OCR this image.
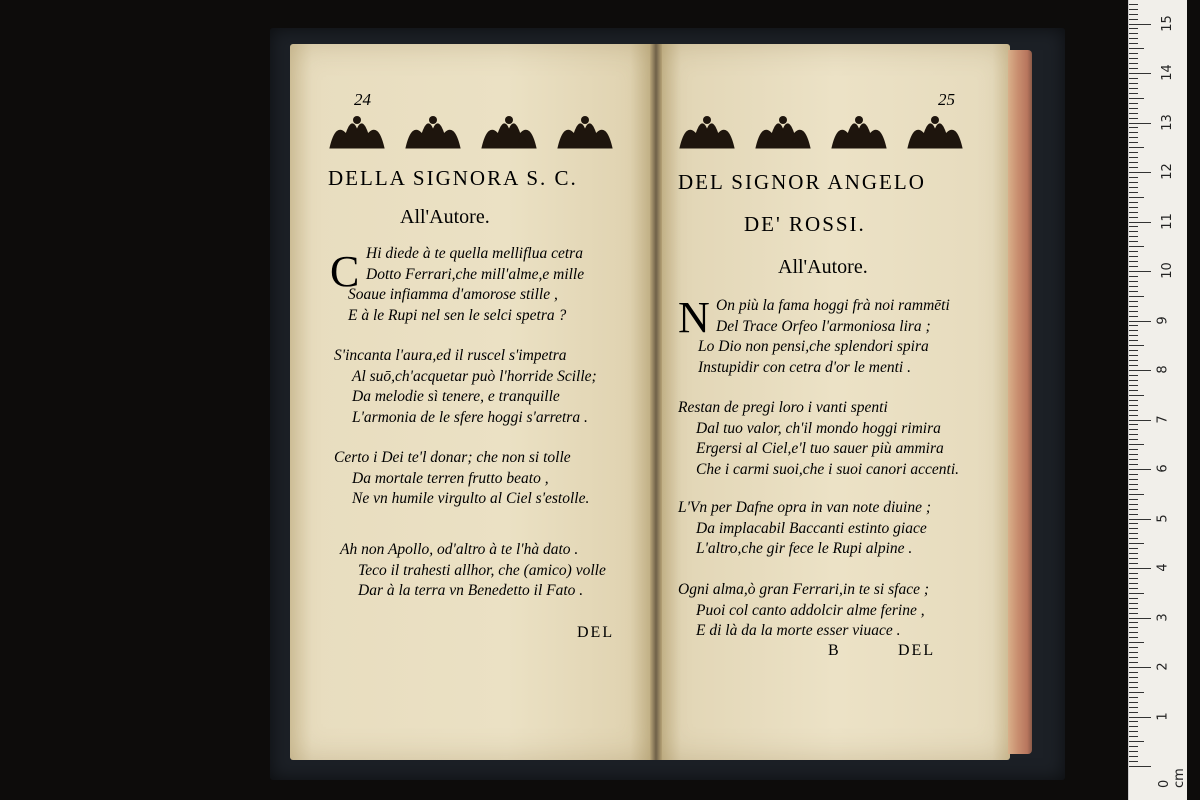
24
DELLA SIGNORA S. C.
All'Autore.
C Hi diede à te quella melliflua cetra
Dotto Ferrari,che mill'alme,e mille
Soaue infiamma d'amorose stille ,
E à le Rupi nel sen le selci spetra ?
S'incanta l'aura,ed il ruscel s'impetra
Al suō,ch'acquetar può l'horride Scille;
Da melodie sì tenere, e tranquille
L'armonia de le sfere hoggi s'arretra .
Certo i Dei te'l donar; che non si tolle
Da mortale terren frutto beato ,
Ne vn humile virgulto al Ciel s'estolle.
Ah non Apollo, od'altro à te l'hà dato .
Teco il trahesti allhor, che (amico) volle
Dar à la terra vn Benedetto il Fato .
DEL
25
DEL SIGNOR ANGELO
DE' ROSSI.
All'Autore.
N On più la fama hoggi frà noi rammēti
Del Trace Orfeo l'armoniosa lira ;
Lo Dio non pensi,che splendori spira
Instupidir con cetra d'or le menti .
Restan de pregi loro i vanti spenti
Dal tuo valor, ch'il mondo hoggi rimira
Ergersi al Ciel,e'l tuo sauer più ammira
Che i carmi suoi,che i suoi canori accenti.
L'Vn per Dafne opra in van note diuine ;
Da implacabil Baccanti estinto giace
L'altro,che gir fece le Rupi alpine .
Ogni alma,ò gran Ferrari,in te si sface ;
Puoi col canto addolcir alme ferine ,
E di là da la morte esser viuace .
B	DEL
0 cm
1
2
3
4
5
6
7
8
9
10
11
12
13
14
15
